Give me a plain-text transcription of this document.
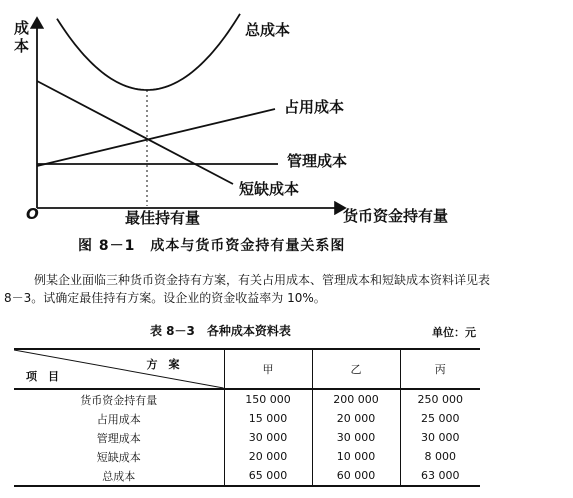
成本
O	货币资金持有量
最佳持有量
总成本
占用成本
管理成本
短缺成本
图 8－1　成本与货币资金持有量关系图
例某企业面临三种货币资金持有方案，有关占用成本、管理成本和短缺成本资料详见表
8－3。试确定最佳持有方案。设企业的资金收益率为 10%。
表 8－3　各种成本资料表	单位：元
方　案
项　目	甲	乙	丙
货币资金持有量	150 000	200 000	250 000
占用成本	15 000	20 000	25 000
管理成本	30 000	30 000	30 000
短缺成本	20 000	10 000	8 000
总成本	65 000	60 000	63 000
